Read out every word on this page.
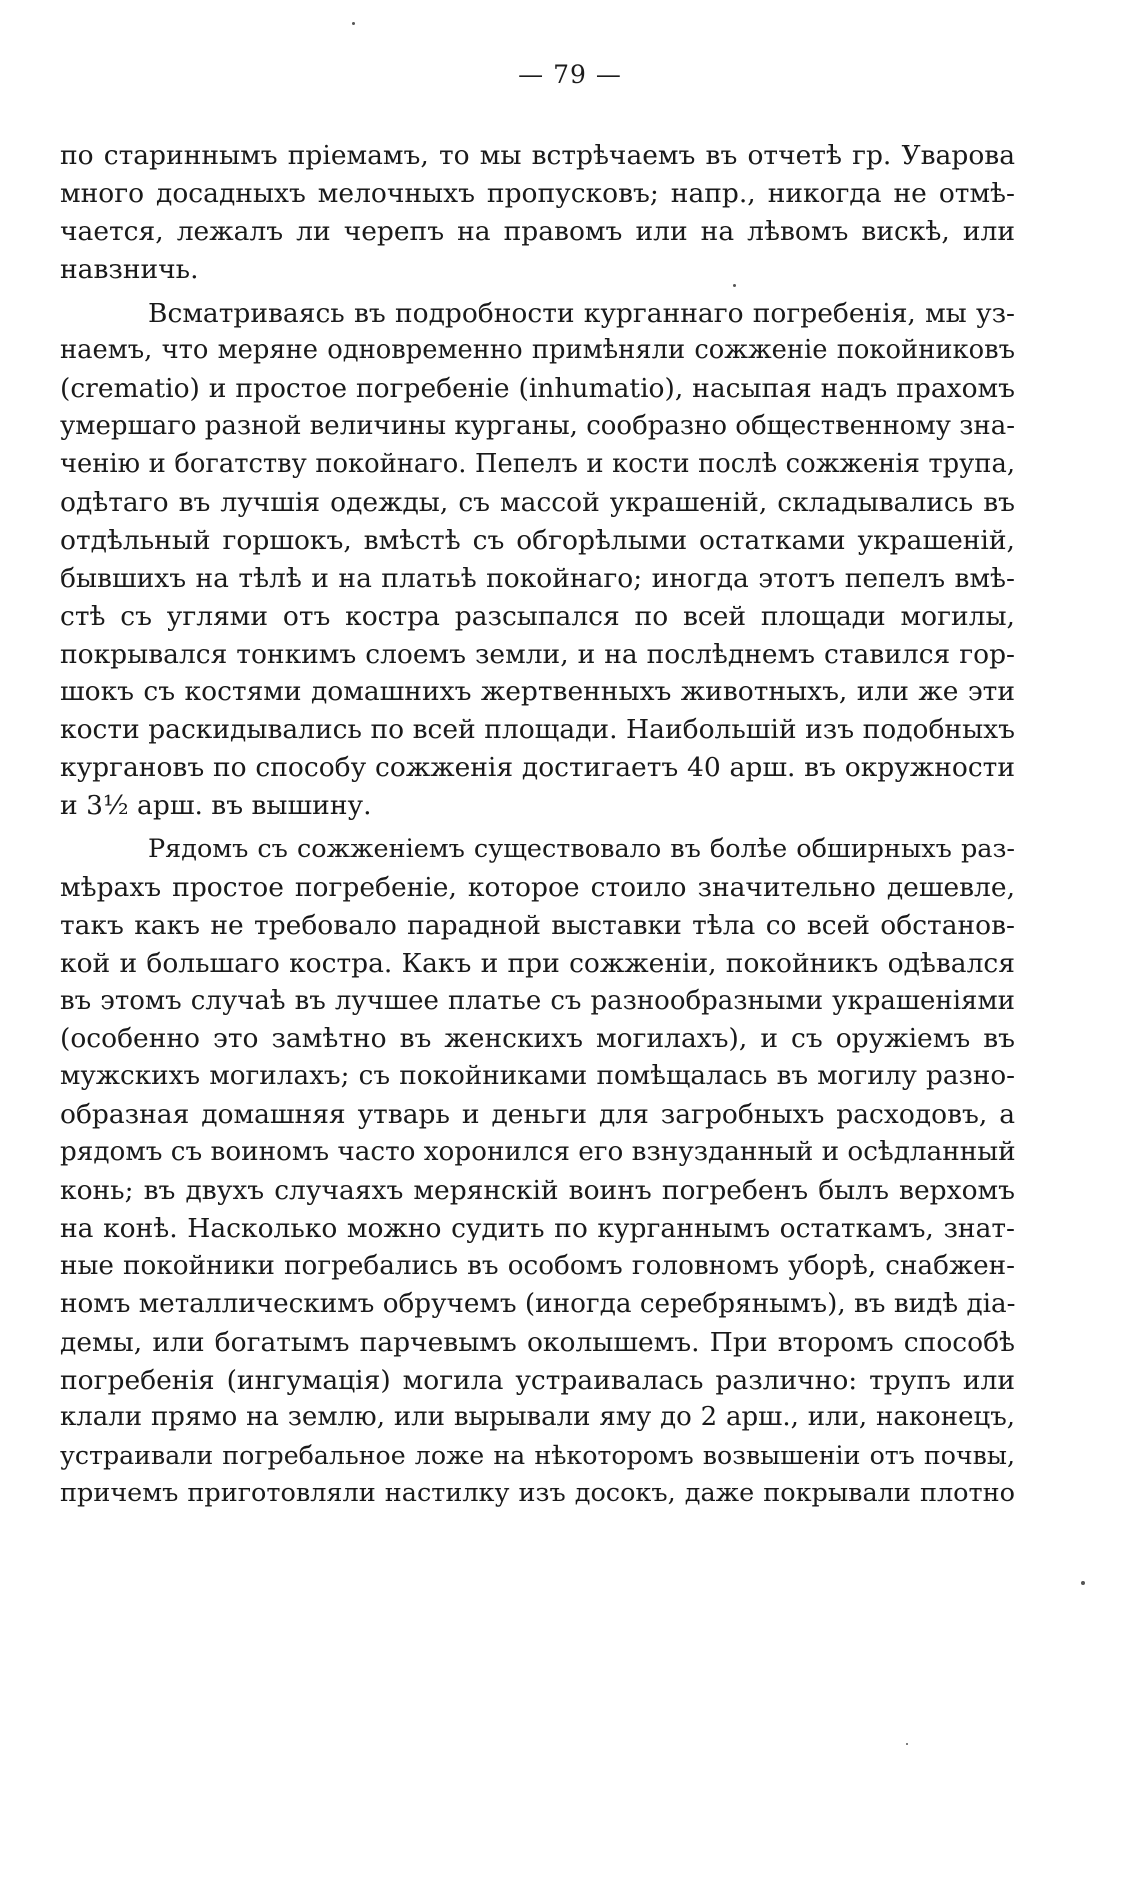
— 79 —
по стариннымъ пріемамъ, то мы встрѣчаемъ въ отчетѣ гр. Уварова
много досадныхъ мелочныхъ пропусковъ; напр., никогда не отмѣ-
чается, лежалъ ли черепъ на правомъ или на лѣвомъ вискѣ, или
навзничь.
Всматриваясь въ подробности курганнаго погребенія, мы уз-
наемъ, что меряне одновременно примѣняли сожженіе покойниковъ
(crematio) и простое погребеніе (inhumatio), насыпая надъ прахомъ
умершаго разной величины курганы, сообразно общественному зна-
ченію и богатству покойнаго. Пепелъ и кости послѣ сожженія трупа,
одѣтаго въ лучшія одежды, съ массой украшеній, складывались въ
отдѣльный горшокъ, вмѣстѣ съ обгорѣлыми остатками украшеній,
бывшихъ на тѣлѣ и на платьѣ покойнаго; иногда этотъ пепелъ вмѣ-
стѣ съ углями отъ костра разсыпался по всей площади могилы,
покрывался тонкимъ слоемъ земли, и на послѣднемъ ставился гор-
шокъ съ костями домашнихъ жертвенныхъ животныхъ, или же эти
кости раскидывались по всей площади. Наибольшій изъ подобныхъ
кургановъ по способу сожженія достигаетъ 40 арш. въ окружности
и 3½ арш. въ вышину.
Рядомъ съ сожженіемъ существовало въ болѣе обширныхъ раз-
мѣрахъ простое погребеніе, которое стоило значительно дешевле,
такъ какъ не требовало парадной выставки тѣла со всей обстанов-
кой и большаго костра. Какъ и при сожженіи, покойникъ одѣвался
въ этомъ случаѣ въ лучшее платье съ разнообразными украшеніями
(особенно это замѣтно въ женскихъ могилахъ), и съ оружіемъ въ
мужскихъ могилахъ; съ покойниками помѣщалась въ могилу разно-
образная домашняя утварь и деньги для загробныхъ расходовъ, а
рядомъ съ воиномъ часто хоронился его взнузданный и осѣдланный
конь; въ двухъ случаяхъ мерянскій воинъ погребенъ былъ верхомъ
на конѣ. Насколько можно судить по курганнымъ остаткамъ, знат-
ные покойники погребались въ особомъ головномъ уборѣ, снабжен-
номъ металлическимъ обручемъ (иногда серебрянымъ), въ видѣ діа-
демы, или богатымъ парчевымъ околышемъ. При второмъ способѣ
погребенія (ингумація) могила устраивалась различно: трупъ или
клали прямо на землю, или вырывали яму до 2 арш., или, наконецъ,
устраивали погребальное ложе на нѣкоторомъ возвышеніи отъ почвы,
причемъ приготовляли настилку изъ досокъ, даже покрывали плотно
